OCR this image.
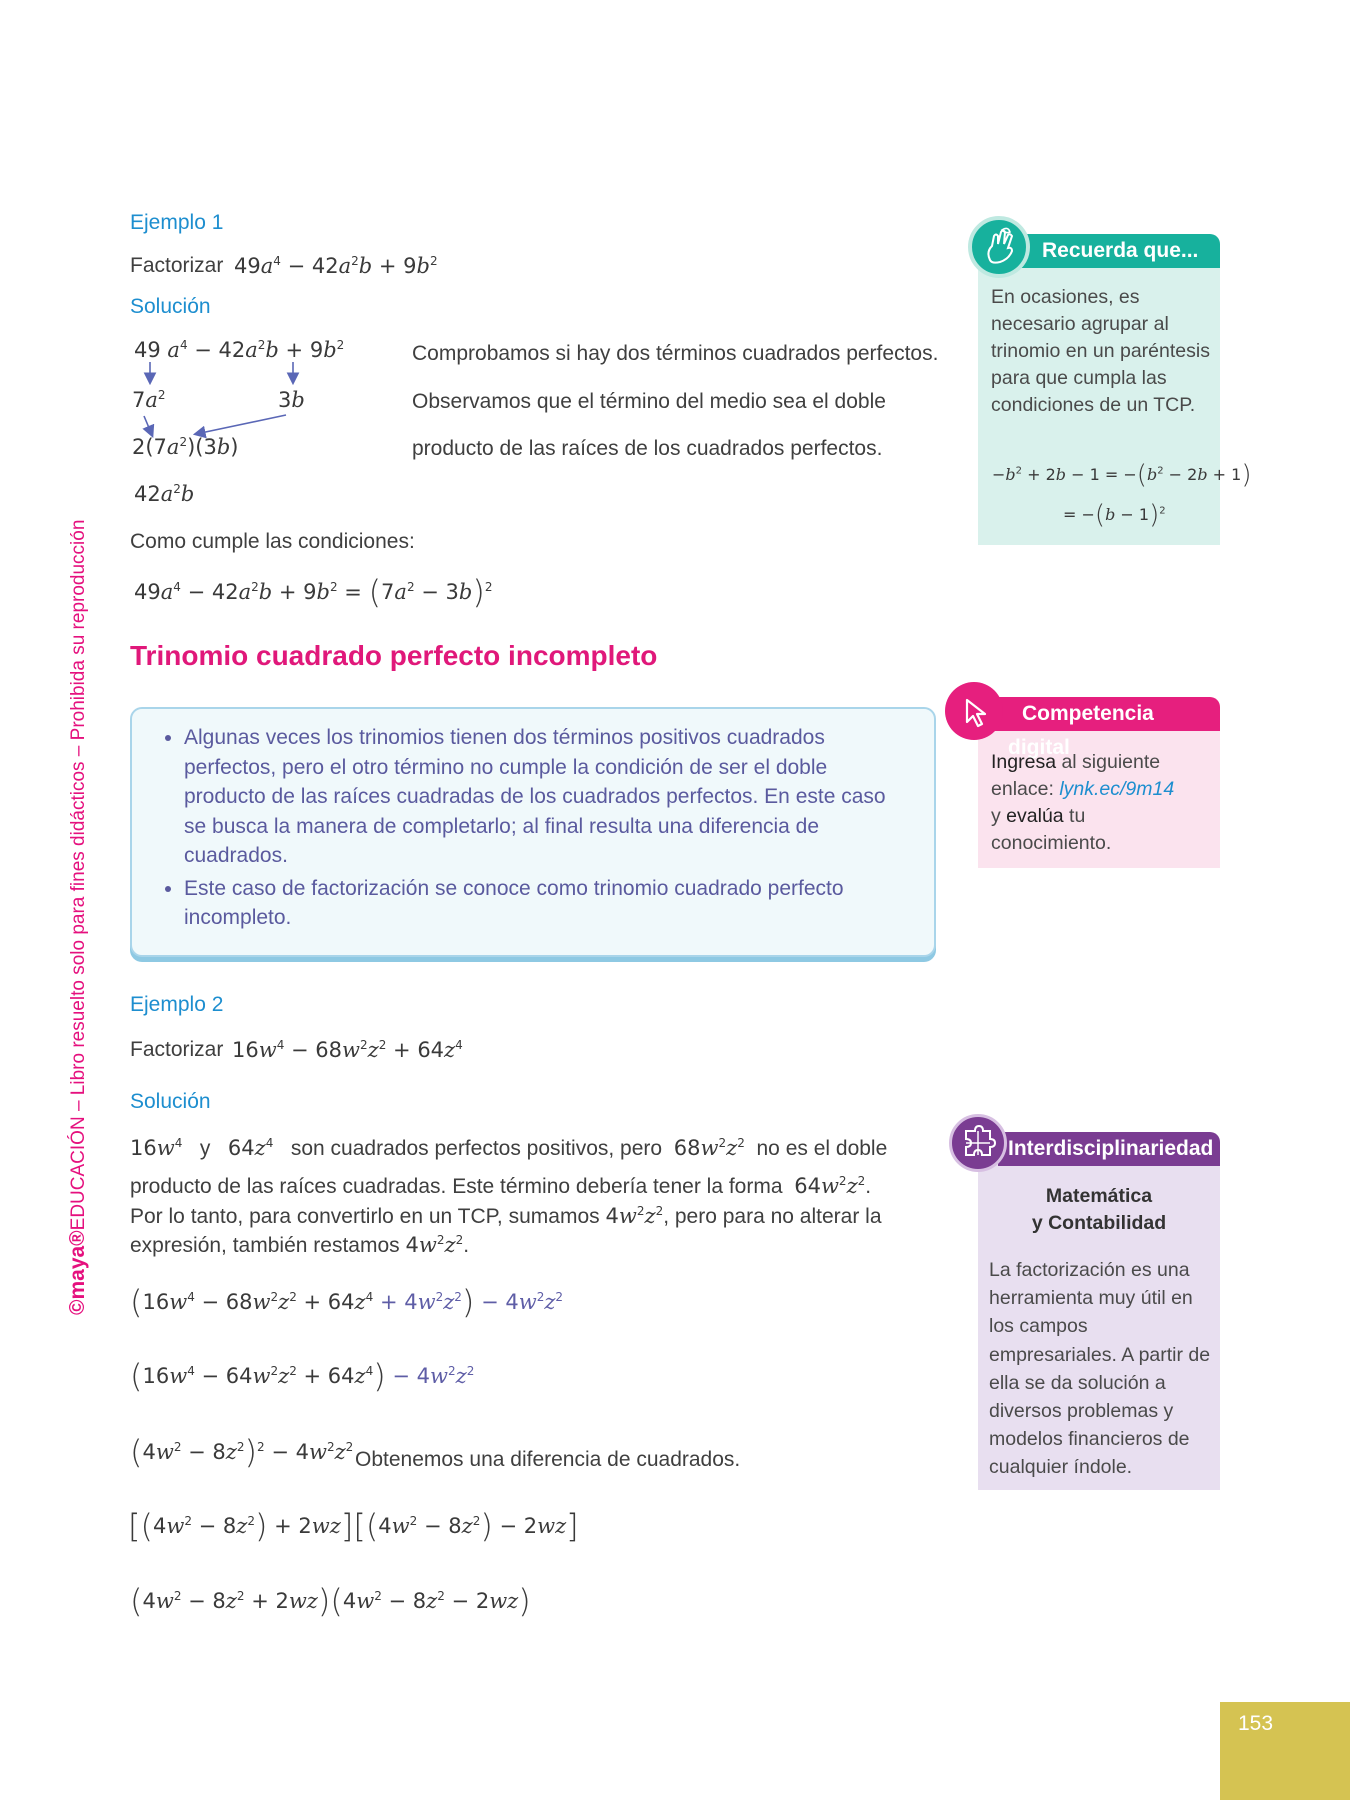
©maya®EDUCACIÓN – Libro resuelto solo para fines didácticos – Prohibida su reproducción
Ejemplo 1
Factorizar $49a^4 - 42a^2b + 9b^2$
Solución
49 $a^4 - 42a^2b + 9b^2$
$7a^2$	3b
$2(7a^2)(3b)$
$42a^2b$
Comprobamos si hay dos términos cuadrados perfectos.
Observamos que el término del medio sea el doble
producto de las raíces de los cuadrados perfectos.
Como cumple las condiciones:
$49a^4 - 42a^2b + 9b^2 = (7a^2 - 3b)^2$
Trinomio cuadrado perfecto incompleto
• Algunas veces los trinomios tienen dos términos positivos cuadrados perfectos, pero el otro término no cumple la condición de ser el doble producto de las raíces cuadradas de los cuadrados perfectos. En este caso se busca la manera de completarlo; al final resulta una diferencia de cuadrados.
• Este caso de factorización se conoce como trinomio cuadrado perfecto incompleto.
Ejemplo 2
Factorizar $16w^4 - 68w^2z^2 + 64z^4$
Solución
$16w^4$ y $64z^4$ son cuadrados perfectos positivos, pero $68w^2z^2$ no es el doble
producto de las raíces cuadradas. Este término debería tener la forma $64w^2z^2$.
Por lo tanto, para convertirlo en un TCP, sumamos $4w^2z^2$, pero para no alterar la
expresión, también restamos $4w^2z^2$.
$(16w^4 - 68w^2z^2 + 64z^4 + 4w^2z^2) - 4w^2z^2$
$(16w^4 - 64w^2z^2 + 64z^4) - 4w^2z^2$
$(4w^2 - 8z^2)^2 - 4w^2z^2$
Obtenemos una diferencia de cuadrados.
$[(4w^2 - 8z^2) + 2wz][(4w^2 - 8z^2) - 2wz]$
$(4w^2 - 8z^2 + 2wz)(4w^2 - 8z^2 - 2wz)$
Recuerda que...
En ocasiones, es necesario agrupar al trinomio en un paréntesis para que cumpla las condiciones de un TCP.
$-b^2 + 2b - 1 = -(b^2 - 2b + 1)$
= $-(b - 1)^2$
Competencia digital
Ingresa al siguiente enlace: lynk.ec/9m14
y evalúa tu conocimiento.
Interdisciplinariedad
Matemática
y Contabilidad
La factorización es una herramienta muy útil en los campos empresariales. A partir de ella se da solución a diversos problemas y modelos financieros de cualquier índole.
153
